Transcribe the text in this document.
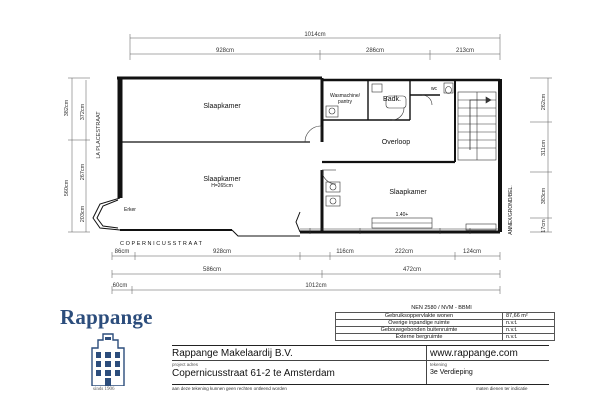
1014cm
928cm	286cm	213cm
382cm
560cm
372cm
267cm
203cm
LA PLACESTRAAT
262cm
311cm
383cm
17cm
ANNEX/GROND/BEL.
Slaapkamer
Slaapkamer
H=265cm
Slaapkamer
Wasmachine/
pantry	Badk.
wc
Overloop
Erker
1.40+
COPERNICUSSTRAAT
86cm	928cm	116cm	222cm	124cm
586cm	472cm
60cm	1012cm
Rappange
sinds 1906
NEN 2580 / NVM - BBMI
Gebruiksoppervlakte wonen	87,66 m²
Overige inpandige ruimte	n.v.t.
Gebouwgebonden buitenruimte	n.v.t.
Externe bergruimte	n.v.t.
Rappange Makelaardij B.V.	www.rappange.com
project adres	tekening
Copernicusstraat 61-2 te Amsterdam	3e Verdieping
aan deze tekening kunnen geen rechten ontleend worden	maten dienen ter indicatie
